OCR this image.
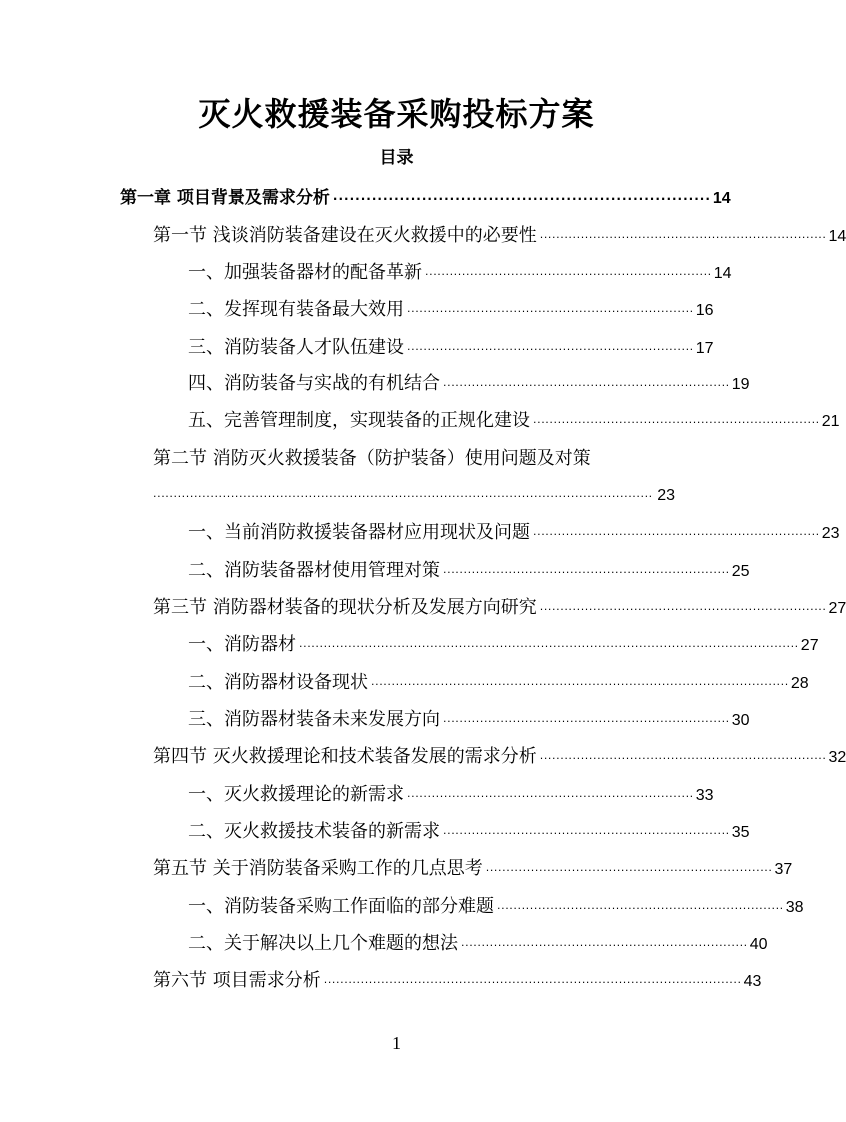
灭火救援装备采购投标方案
目录
第一章 项目背景及需求分析 ···································································· 14
第一节 浅谈消防装备建设在灭火救援中的必要性 ······································································ 14
一、加强装备器材的配备革新 ······································································ 14
二、发挥现有装备最大效用 ······································································ 16
三、消防装备人才队伍建设 ······································································ 17
四、消防装备与实战的有机结合 ······································································ 19
五、完善管理制度，实现装备的正规化建设 ······································································ 21
第二节 消防灭火救援装备（防护装备）使用问题及对策
·························································································································· 23
一、当前消防救援装备器材应用现状及问题 ······································································ 23
二、消防装备器材使用管理对策 ······································································ 25
第三节 消防器材装备的现状分析及发展方向研究 ······································································ 27
一、消防器材 ·························································································································· 27
二、消防器材设备现状 ······································································································ 28
三、消防器材装备未来发展方向 ······································································ 30
第四节 灭火救援理论和技术装备发展的需求分析 ······································································ 32
一、灭火救援理论的新需求 ······································································ 33
二、灭火救援技术装备的新需求 ······································································ 35
第五节 关于消防装备采购工作的几点思考 ······································································ 37
一、消防装备采购工作面临的部分难题 ······································································ 38
二、关于解决以上几个难题的想法 ······································································ 40
第六节 项目需求分析 ······································································································ 43
1
